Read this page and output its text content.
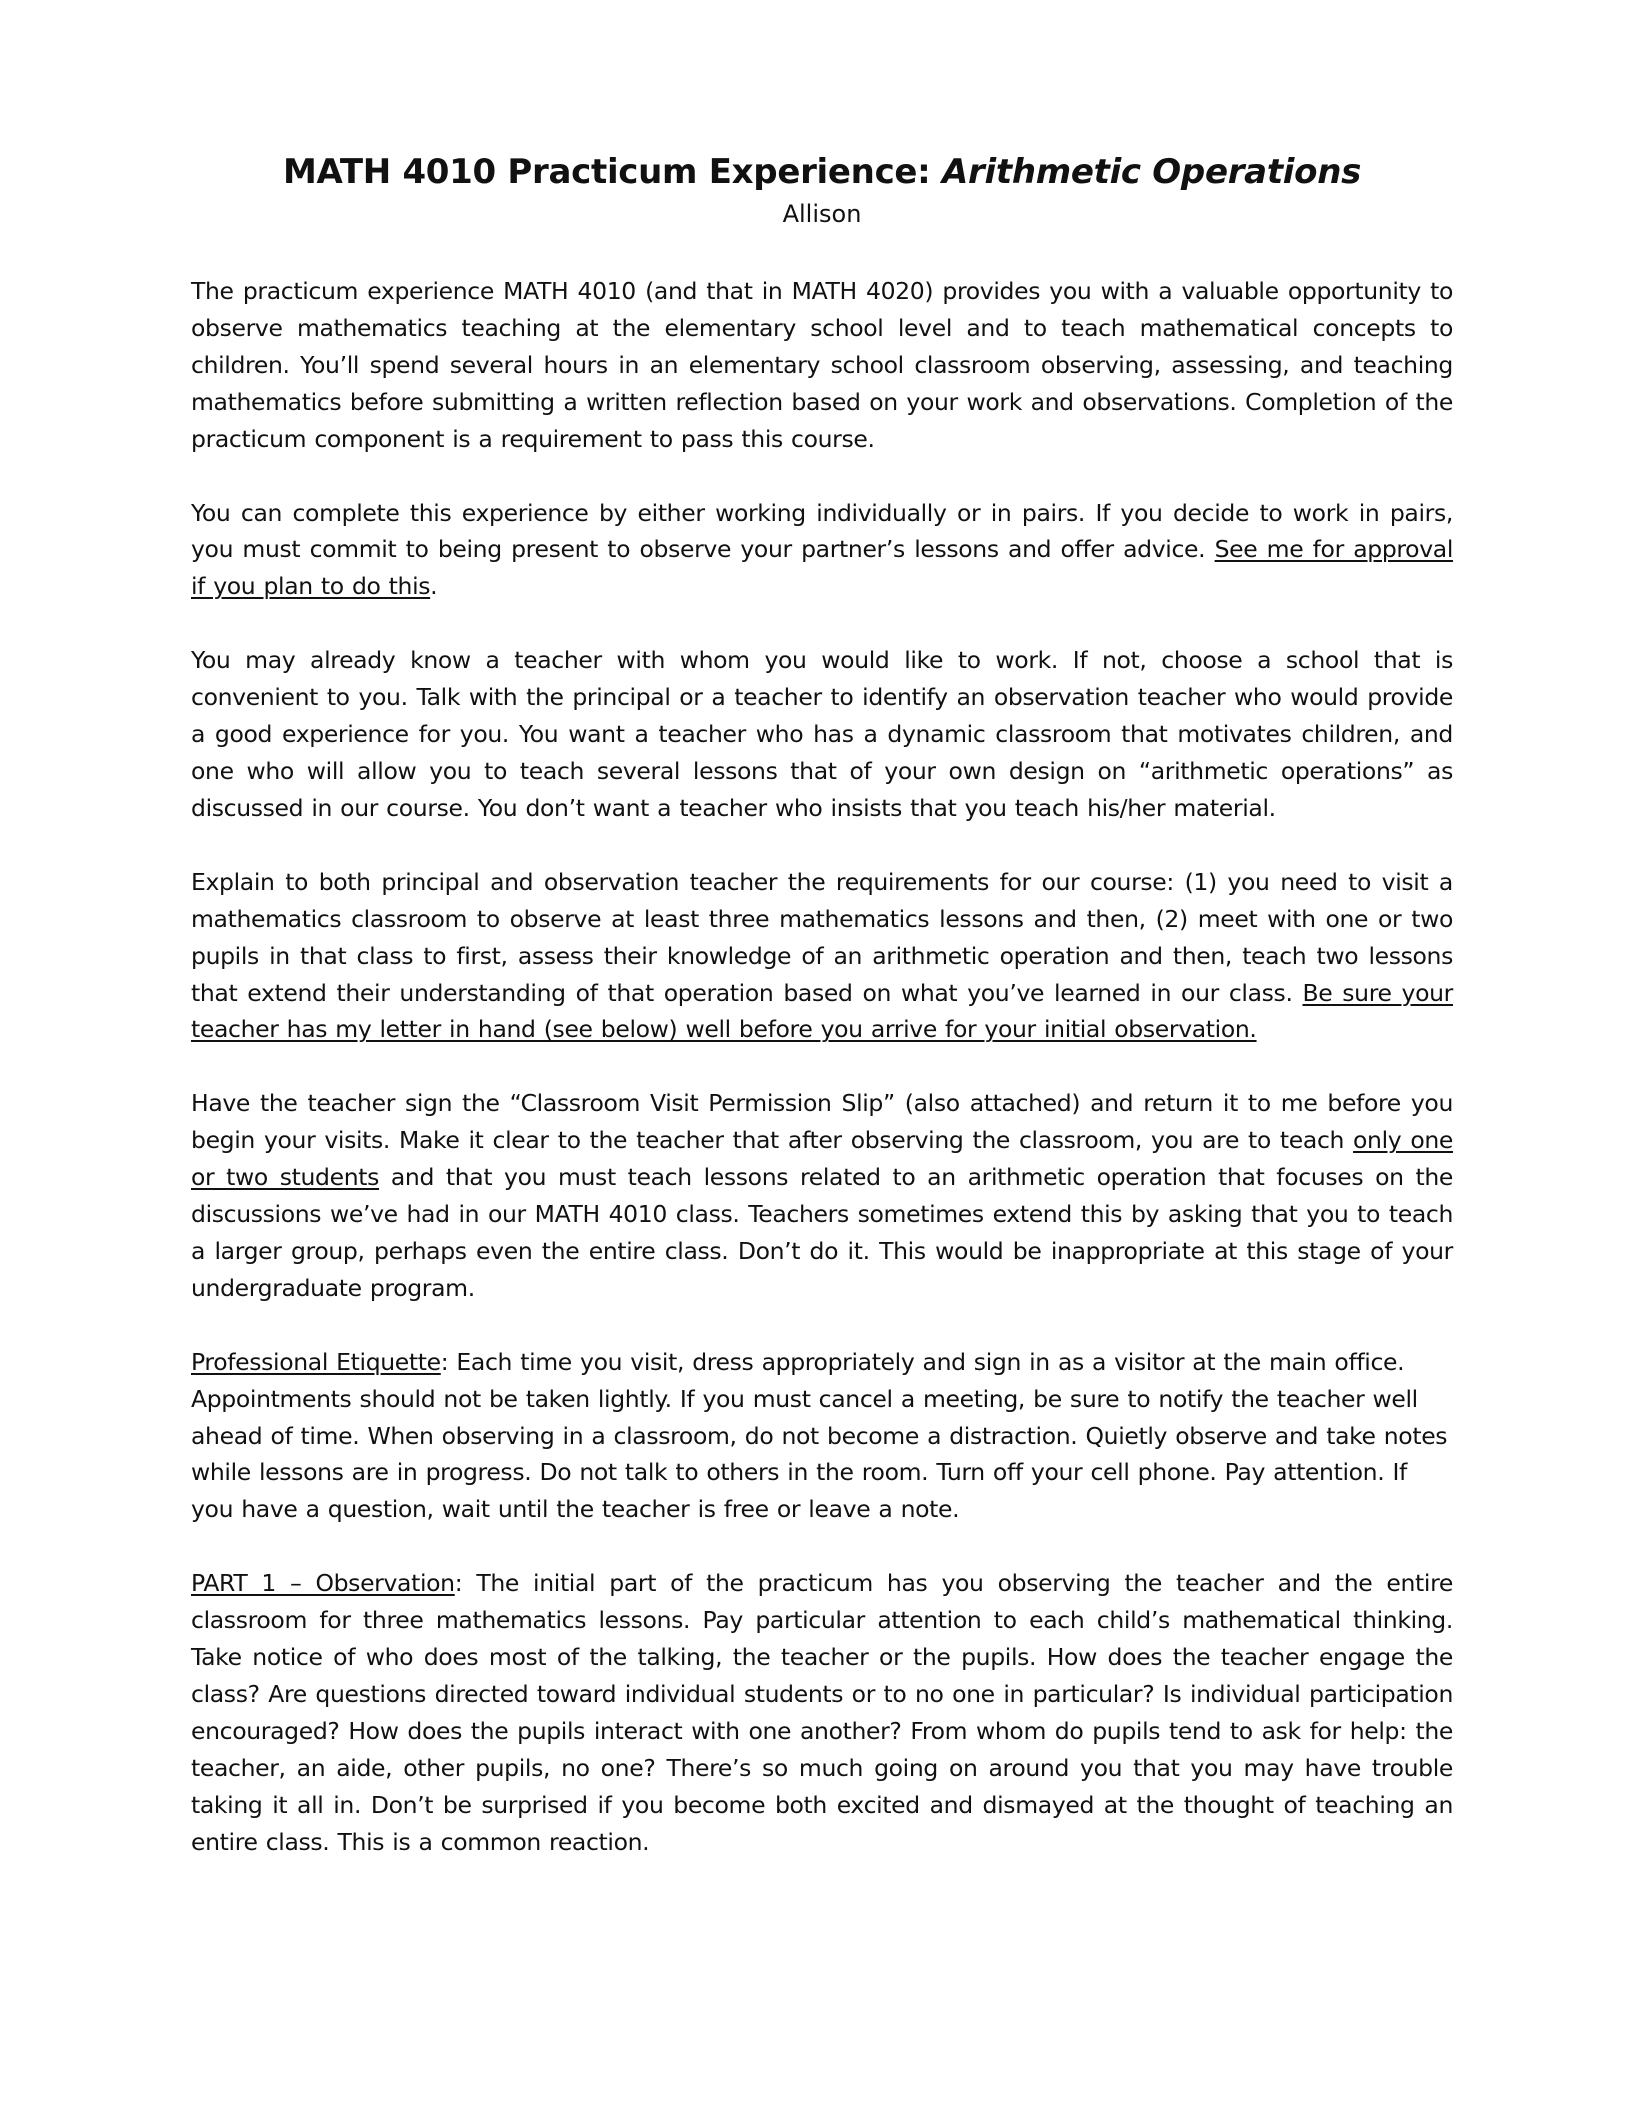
MATH 4010 Practicum Experience: Arithmetic Operations
Allison

The practicum experience MATH 4010 (and that in MATH 4020) provides you with a valuable opportunity to observe mathematics teaching at the elementary school level and to teach mathematical concepts to children. You’ll spend several hours in an elementary school classroom observing, assessing, and teaching mathematics before submitting a written reflection based on your work and observations. Completion of the practicum component is a requirement to pass this course.

You can complete this experience by either working individually or in pairs. If you decide to work in pairs, you must commit to being present to observe your partner’s lessons and offer advice. See me for approval if you plan to do this.

You may already know a teacher with whom you would like to work. If not, choose a school that is convenient to you. Talk with the principal or a teacher to identify an observation teacher who would provide a good experience for you. You want a teacher who has a dynamic classroom that motivates children, and one who will allow you to teach several lessons that of your own design on “arithmetic operations” as discussed in our course. You don’t want a teacher who insists that you teach his/her material.

Explain to both principal and observation teacher the requirements for our course: (1) you need to visit a mathematics classroom to observe at least three mathematics lessons and then, (2) meet with one or two pupils in that class to first, assess their knowledge of an arithmetic operation and then, teach two lessons that extend their understanding of that operation based on what you’ve learned in our class. Be sure your teacher has my letter in hand (see below) well before you arrive for your initial observation.

Have the teacher sign the “Classroom Visit Permission Slip” (also attached) and return it to me before you begin your visits. Make it clear to the teacher that after observing the classroom, you are to teach only one or two students and that you must teach lessons related to an arithmetic operation that focuses on the discussions we’ve had in our MATH 4010 class. Teachers sometimes extend this by asking that you to teach a larger group, perhaps even the entire class. Don’t do it. This would be inappropriate at this stage of your undergraduate program.

Professional Etiquette: Each time you visit, dress appropriately and sign in as a visitor at the main office. Appointments should not be taken lightly. If you must cancel a meeting, be sure to notify the teacher well ahead of time. When observing in a classroom, do not become a distraction. Quietly observe and take notes while lessons are in progress. Do not talk to others in the room. Turn off your cell phone. Pay attention. If you have a question, wait until the teacher is free or leave a note.

PART 1 – Observation: The initial part of the practicum has you observing the teacher and the entire classroom for three mathematics lessons. Pay particular attention to each child’s mathematical thinking. Take notice of who does most of the talking, the teacher or the pupils. How does the teacher engage the class? Are questions directed toward individual students or to no one in particular? Is individual participation encouraged? How does the pupils interact with one another? From whom do pupils tend to ask for help: the teacher, an aide, other pupils, no one? There’s so much going on around you that you may have trouble taking it all in. Don’t be surprised if you become both excited and dismayed at the thought of teaching an entire class. This is a common reaction.
